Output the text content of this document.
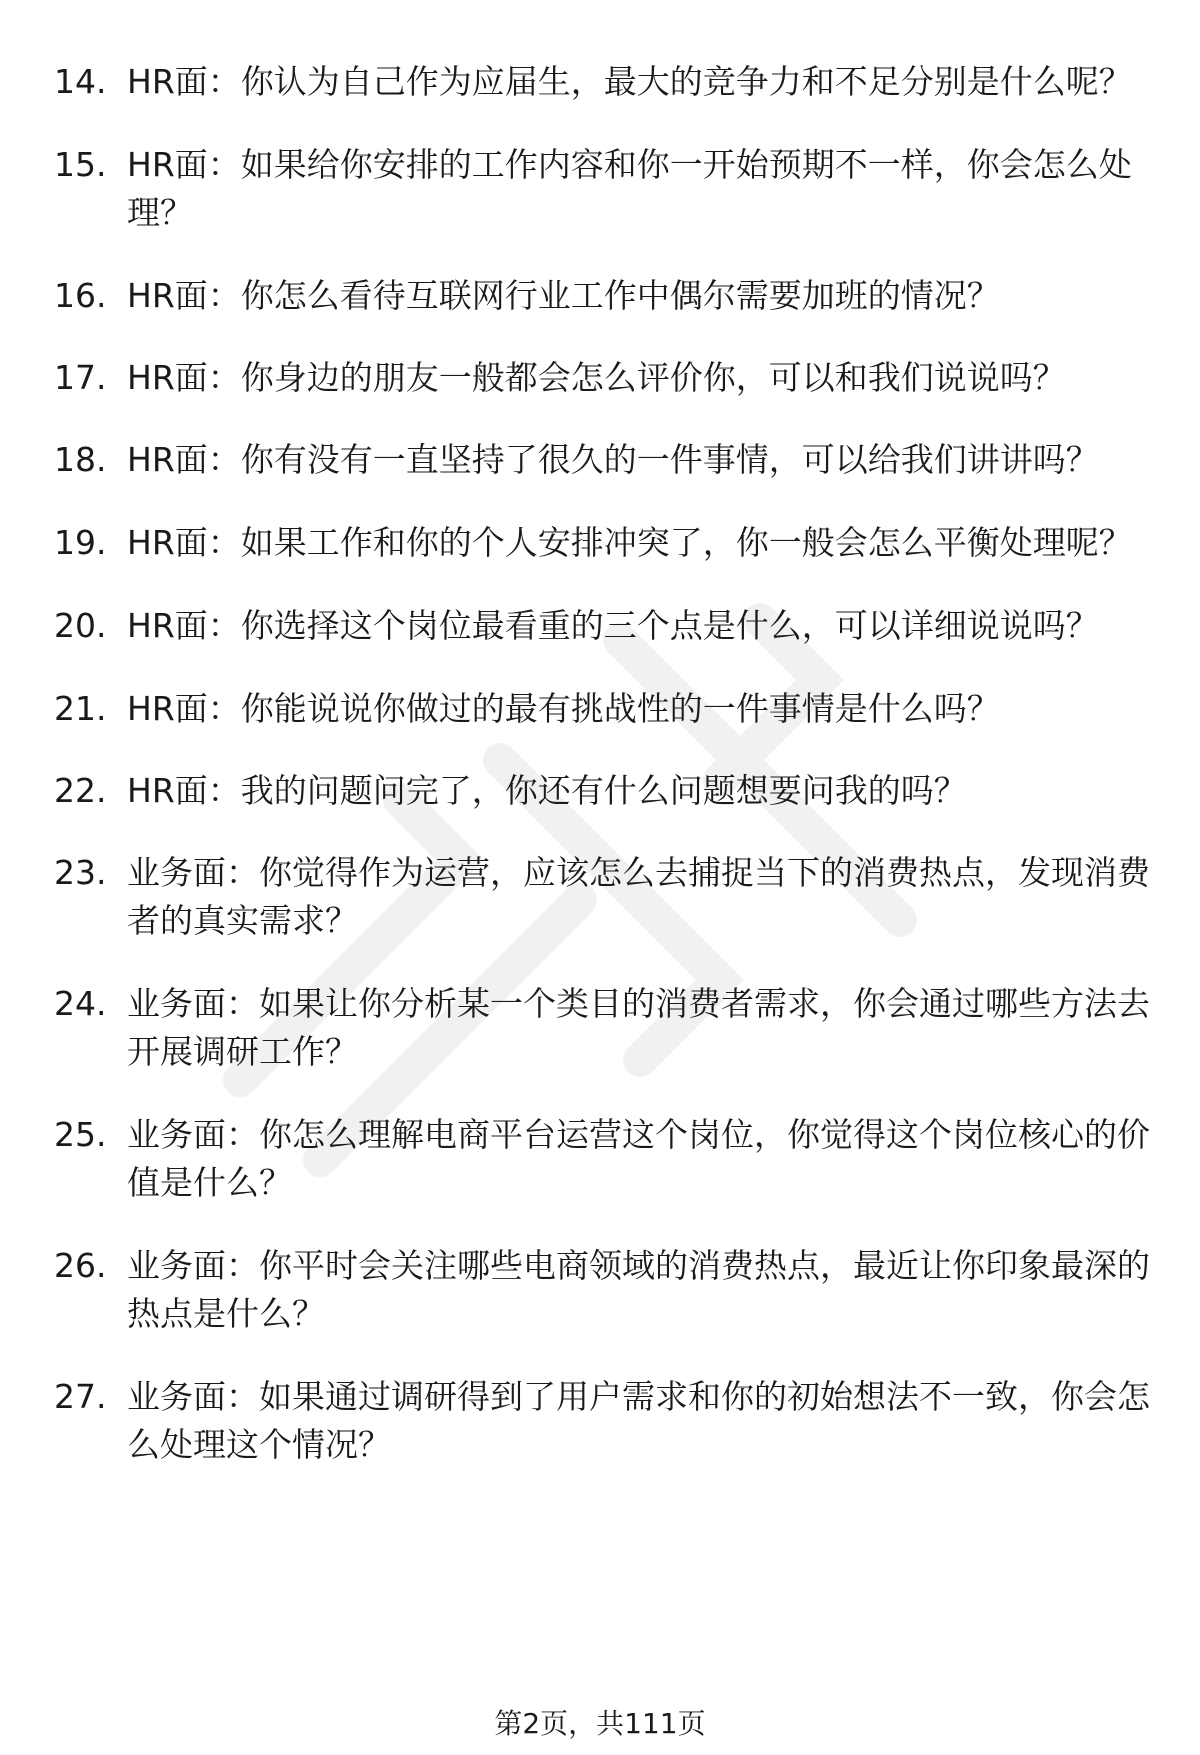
14. HR面：你认为自己作为应届生，最大的竞争力和不足分别是什么呢？
15. HR面：如果给你安排的工作内容和你一开始预期不一样，你会怎么处理？
16. HR面：你怎么看待互联网行业工作中偶尔需要加班的情况？
17. HR面：你身边的朋友一般都会怎么评价你，可以和我们说说吗？
18. HR面：你有没有一直坚持了很久的一件事情，可以给我们讲讲吗？
19. HR面：如果工作和你的个人安排冲突了，你一般会怎么平衡处理呢？
20. HR面：你选择这个岗位最看重的三个点是什么，可以详细说说吗？
21. HR面：你能说说你做过的最有挑战性的一件事情是什么吗？
22. HR面：我的问题问完了，你还有什么问题想要问我的吗？
23. 业务面：你觉得作为运营，应该怎么去捕捉当下的消费热点，发现消费者的真实需求？
24. 业务面：如果让你分析某一个类目的消费者需求，你会通过哪些方法去开展调研工作？
25. 业务面：你怎么理解电商平台运营这个岗位，你觉得这个岗位核心的价值是什么？
26. 业务面：你平时会关注哪些电商领域的消费热点，最近让你印象最深的热点是什么？
27. 业务面：如果通过调研得到了用户需求和你的初始想法不一致，你会怎么处理这个情况？
第2页，共111页
